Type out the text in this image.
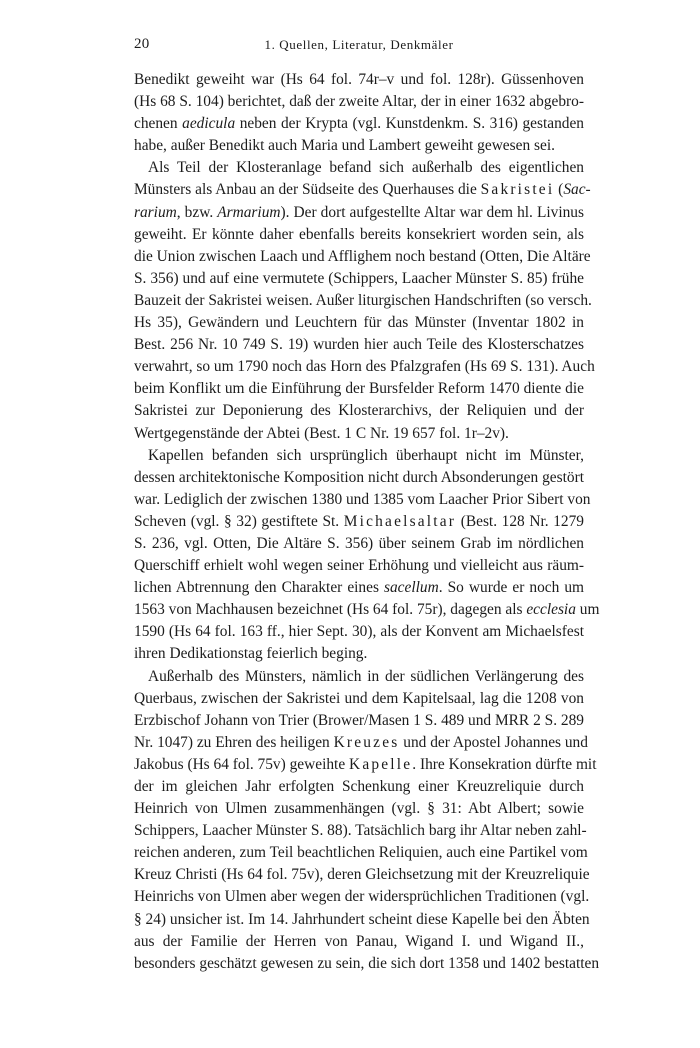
20	1. Quellen, Literatur, Denkmäler
Benedikt geweiht war (Hs 64 fol. 74r–v und fol. 128r). Güssenhoven
(Hs 68 S. 104) berichtet, daß der zweite Altar, der in einer 1632 abgebro-
chenen aedicula neben der Krypta (vgl. Kunstdenkm. S. 316) gestanden
habe, außer Benedikt auch Maria und Lambert geweiht gewesen sei.
Als Teil der Klosteranlage befand sich außerhalb des eigentlichen
Münsters als Anbau an der Südseite des Querhauses die Sakristei (Sac-
rarium, bzw. Armarium). Der dort aufgestellte Altar war dem hl. Livinus
geweiht. Er könnte daher ebenfalls bereits konsekriert worden sein, als
die Union zwischen Laach und Afflighem noch bestand (Otten, Die Altäre
S. 356) und auf eine vermutete (Schippers, Laacher Münster S. 85) frühe
Bauzeit der Sakristei weisen. Außer liturgischen Handschriften (so versch.
Hs 35), Gewändern und Leuchtern für das Münster (Inventar 1802 in
Best. 256 Nr. 10 749 S. 19) wurden hier auch Teile des Klosterschatzes
verwahrt, so um 1790 noch das Horn des Pfalzgrafen (Hs 69 S. 131). Auch
beim Konflikt um die Einführung der Bursfelder Reform 1470 diente die
Sakristei zur Deponierung des Klosterarchivs, der Reliquien und der
Wertgegenstände der Abtei (Best. 1 C Nr. 19 657 fol. 1r–2v).
Kapellen befanden sich ursprünglich überhaupt nicht im Münster,
dessen architektonische Komposition nicht durch Absonderungen gestört
war. Lediglich der zwischen 1380 und 1385 vom Laacher Prior Sibert von
Scheven (vgl. § 32) gestiftete St. Michaelsaltar (Best. 128 Nr. 1279
S. 236, vgl. Otten, Die Altäre S. 356) über seinem Grab im nördlichen
Querschiff erhielt wohl wegen seiner Erhöhung und vielleicht aus räum-
lichen Abtrennung den Charakter eines sacellum. So wurde er noch um
1563 von Machhausen bezeichnet (Hs 64 fol. 75r), dagegen als ecclesia um
1590 (Hs 64 fol. 163 ff., hier Sept. 30), als der Konvent am Michaelsfest
ihren Dedikationstag feierlich beging.
Außerhalb des Münsters, nämlich in der südlichen Verlängerung des
Querbaus, zwischen der Sakristei und dem Kapitelsaal, lag die 1208 von
Erzbischof Johann von Trier (Brower/Masen 1 S. 489 und MRR 2 S. 289
Nr. 1047) zu Ehren des heiligen Kreuzes und der Apostel Johannes und
Jakobus (Hs 64 fol. 75v) geweihte Kapelle. Ihre Konsekration dürfte mit
der im gleichen Jahr erfolgten Schenkung einer Kreuzreliquie durch
Heinrich von Ulmen zusammenhängen (vgl. § 31: Abt Albert; sowie
Schippers, Laacher Münster S. 88). Tatsächlich barg ihr Altar neben zahl-
reichen anderen, zum Teil beachtlichen Reliquien, auch eine Partikel vom
Kreuz Christi (Hs 64 fol. 75v), deren Gleichsetzung mit der Kreuzreliquie
Heinrichs von Ulmen aber wegen der widersprüchlichen Traditionen (vgl.
§ 24) unsicher ist. Im 14. Jahrhundert scheint diese Kapelle bei den Äbten
aus der Familie der Herren von Panau, Wigand I. und Wigand II.,
besonders geschätzt gewesen zu sein, die sich dort 1358 und 1402 bestatten
